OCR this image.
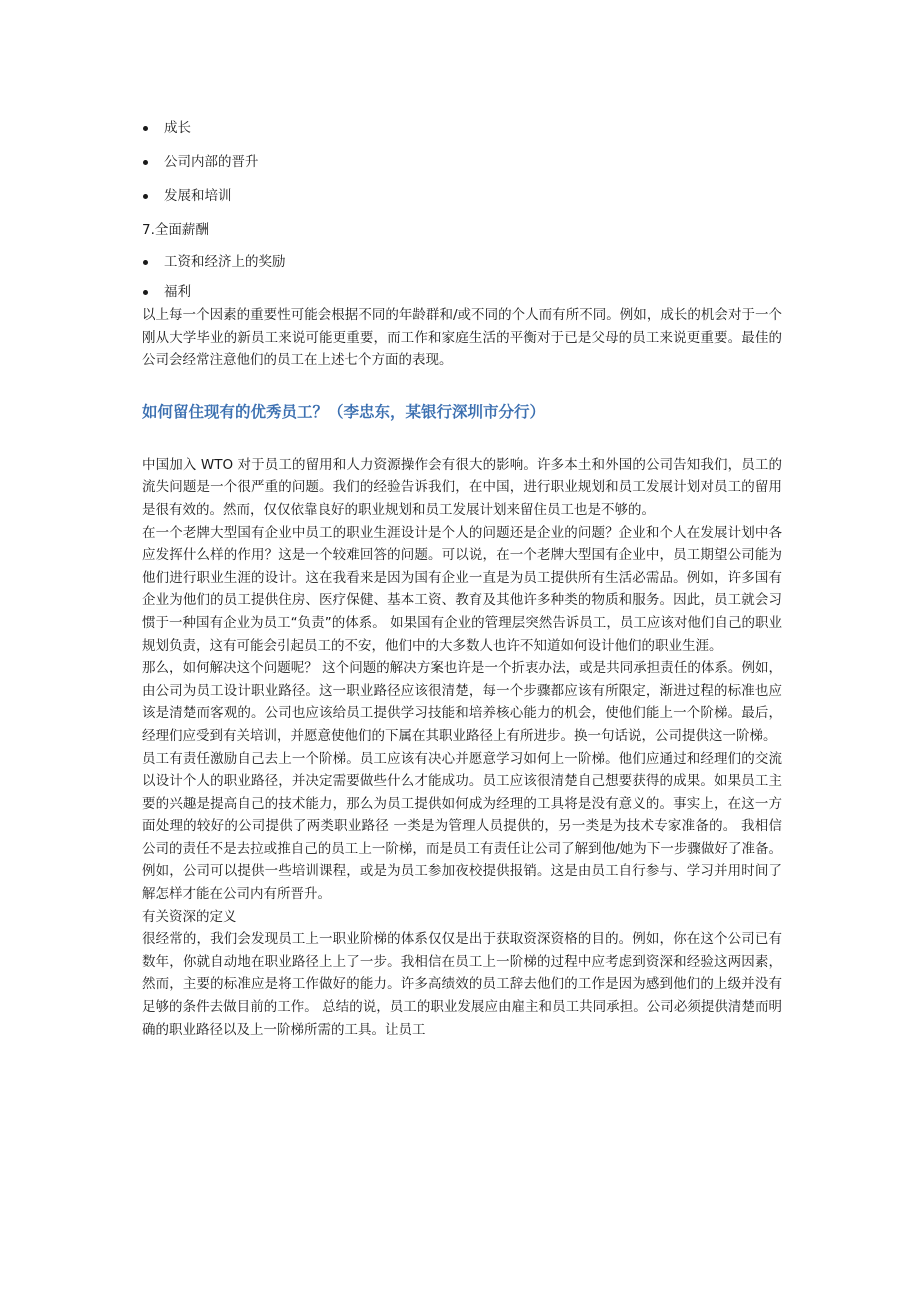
成长
公司内部的晋升
发展和培训

7.全面薪酬

工资和经济上的奖励
福利

以上每一个因素的重要性可能会根据不同的年龄群和/或不同的个人而有所不同。例如，成长的机会对于一个刚从大学毕业的新员工来说可能更重要，而工作和家庭生活的平衡对于已是父母的员工来说更重要。最佳的公司会经常注意他们的员工在上述七个方面的表现。

如何留住现有的优秀员工？（李忠东，某银行深圳市分行）

中国加入 WTO 对于员工的留用和人力资源操作会有很大的影响。许多本土和外国的公司告知我们，员工的流失问题是一个很严重的问题。我们的经验告诉我们，在中国，进行职业规划和员工发展计划对员工的留用是很有效的。然而，仅仅依靠良好的职业规划和员工发展计划来留住员工也是不够的。

在一个老牌大型国有企业中员工的职业生涯设计是个人的问题还是企业的问题？企业和个人在发展计划中各应发挥什么样的作用？这是一个较难回答的问题。可以说，在一个老牌大型国有企业中，员工期望公司能为他们进行职业生涯的设计。这在我看来是因为国有企业一直是为员工提供所有生活必需品。例如，许多国有企业为他们的员工提供住房、医疗保健、基本工资、教育及其他许多种类的物质和服务。因此，员工就会习惯于一种国有企业为员工“负责”的体系。 如果国有企业的管理层突然告诉员工，员工应该对他们自己的职业规划负责，这有可能会引起员工的不安，他们中的大多数人也许不知道如何设计他们的职业生涯。

那么，如何解决这个问题呢？ 这个问题的解决方案也许是一个折衷办法，或是共同承担责任的体系。例如，由公司为员工设计职业路径。这一职业路径应该很清楚，每一个步骤都应该有所限定，渐进过程的标准也应该是清楚而客观的。公司也应该给员工提供学习技能和培养核心能力的机会，使他们能上一个阶梯。最后，经理们应受到有关培训，并愿意使他们的下属在其职业路径上有所进步。换一句话说，公司提供这一阶梯。

员工有责任激励自己去上一个阶梯。员工应该有决心并愿意学习如何上一阶梯。他们应通过和经理们的交流以设计个人的职业路径，并决定需要做些什么才能成功。员工应该很清楚自己想要获得的成果。如果员工主要的兴趣是提高自己的技术能力，那么为员工提供如何成为经理的工具将是没有意义的。事实上，在这一方面处理的较好的公司提供了两类职业路径 一类是为管理人员提供的，另一类是为技术专家准备的。 我相信公司的责任不是去拉或推自己的员工上一阶梯，而是员工有责任让公司了解到他/她为下一步骤做好了准备。例如，公司可以提供一些培训课程，或是为员工参加夜校提供报销。这是由员工自行参与、学习并用时间了解怎样才能在公司内有所晋升。

有关资深的定义

很经常的，我们会发现员工上一职业阶梯的体系仅仅是出于获取资深资格的目的。例如，你在这个公司已有数年，你就自动地在职业路径上上了一步。我相信在员工上一阶梯的过程中应考虑到资深和经验这两因素，然而，主要的标准应是将工作做好的能力。许多高绩效的员工辞去他们的工作是因为感到他们的上级并没有足够的条件去做目前的工作。 总结的说，员工的职业发展应由雇主和员工共同承担。公司必须提供清楚而明确的职业路径以及上一阶梯所需的工具。让员工
